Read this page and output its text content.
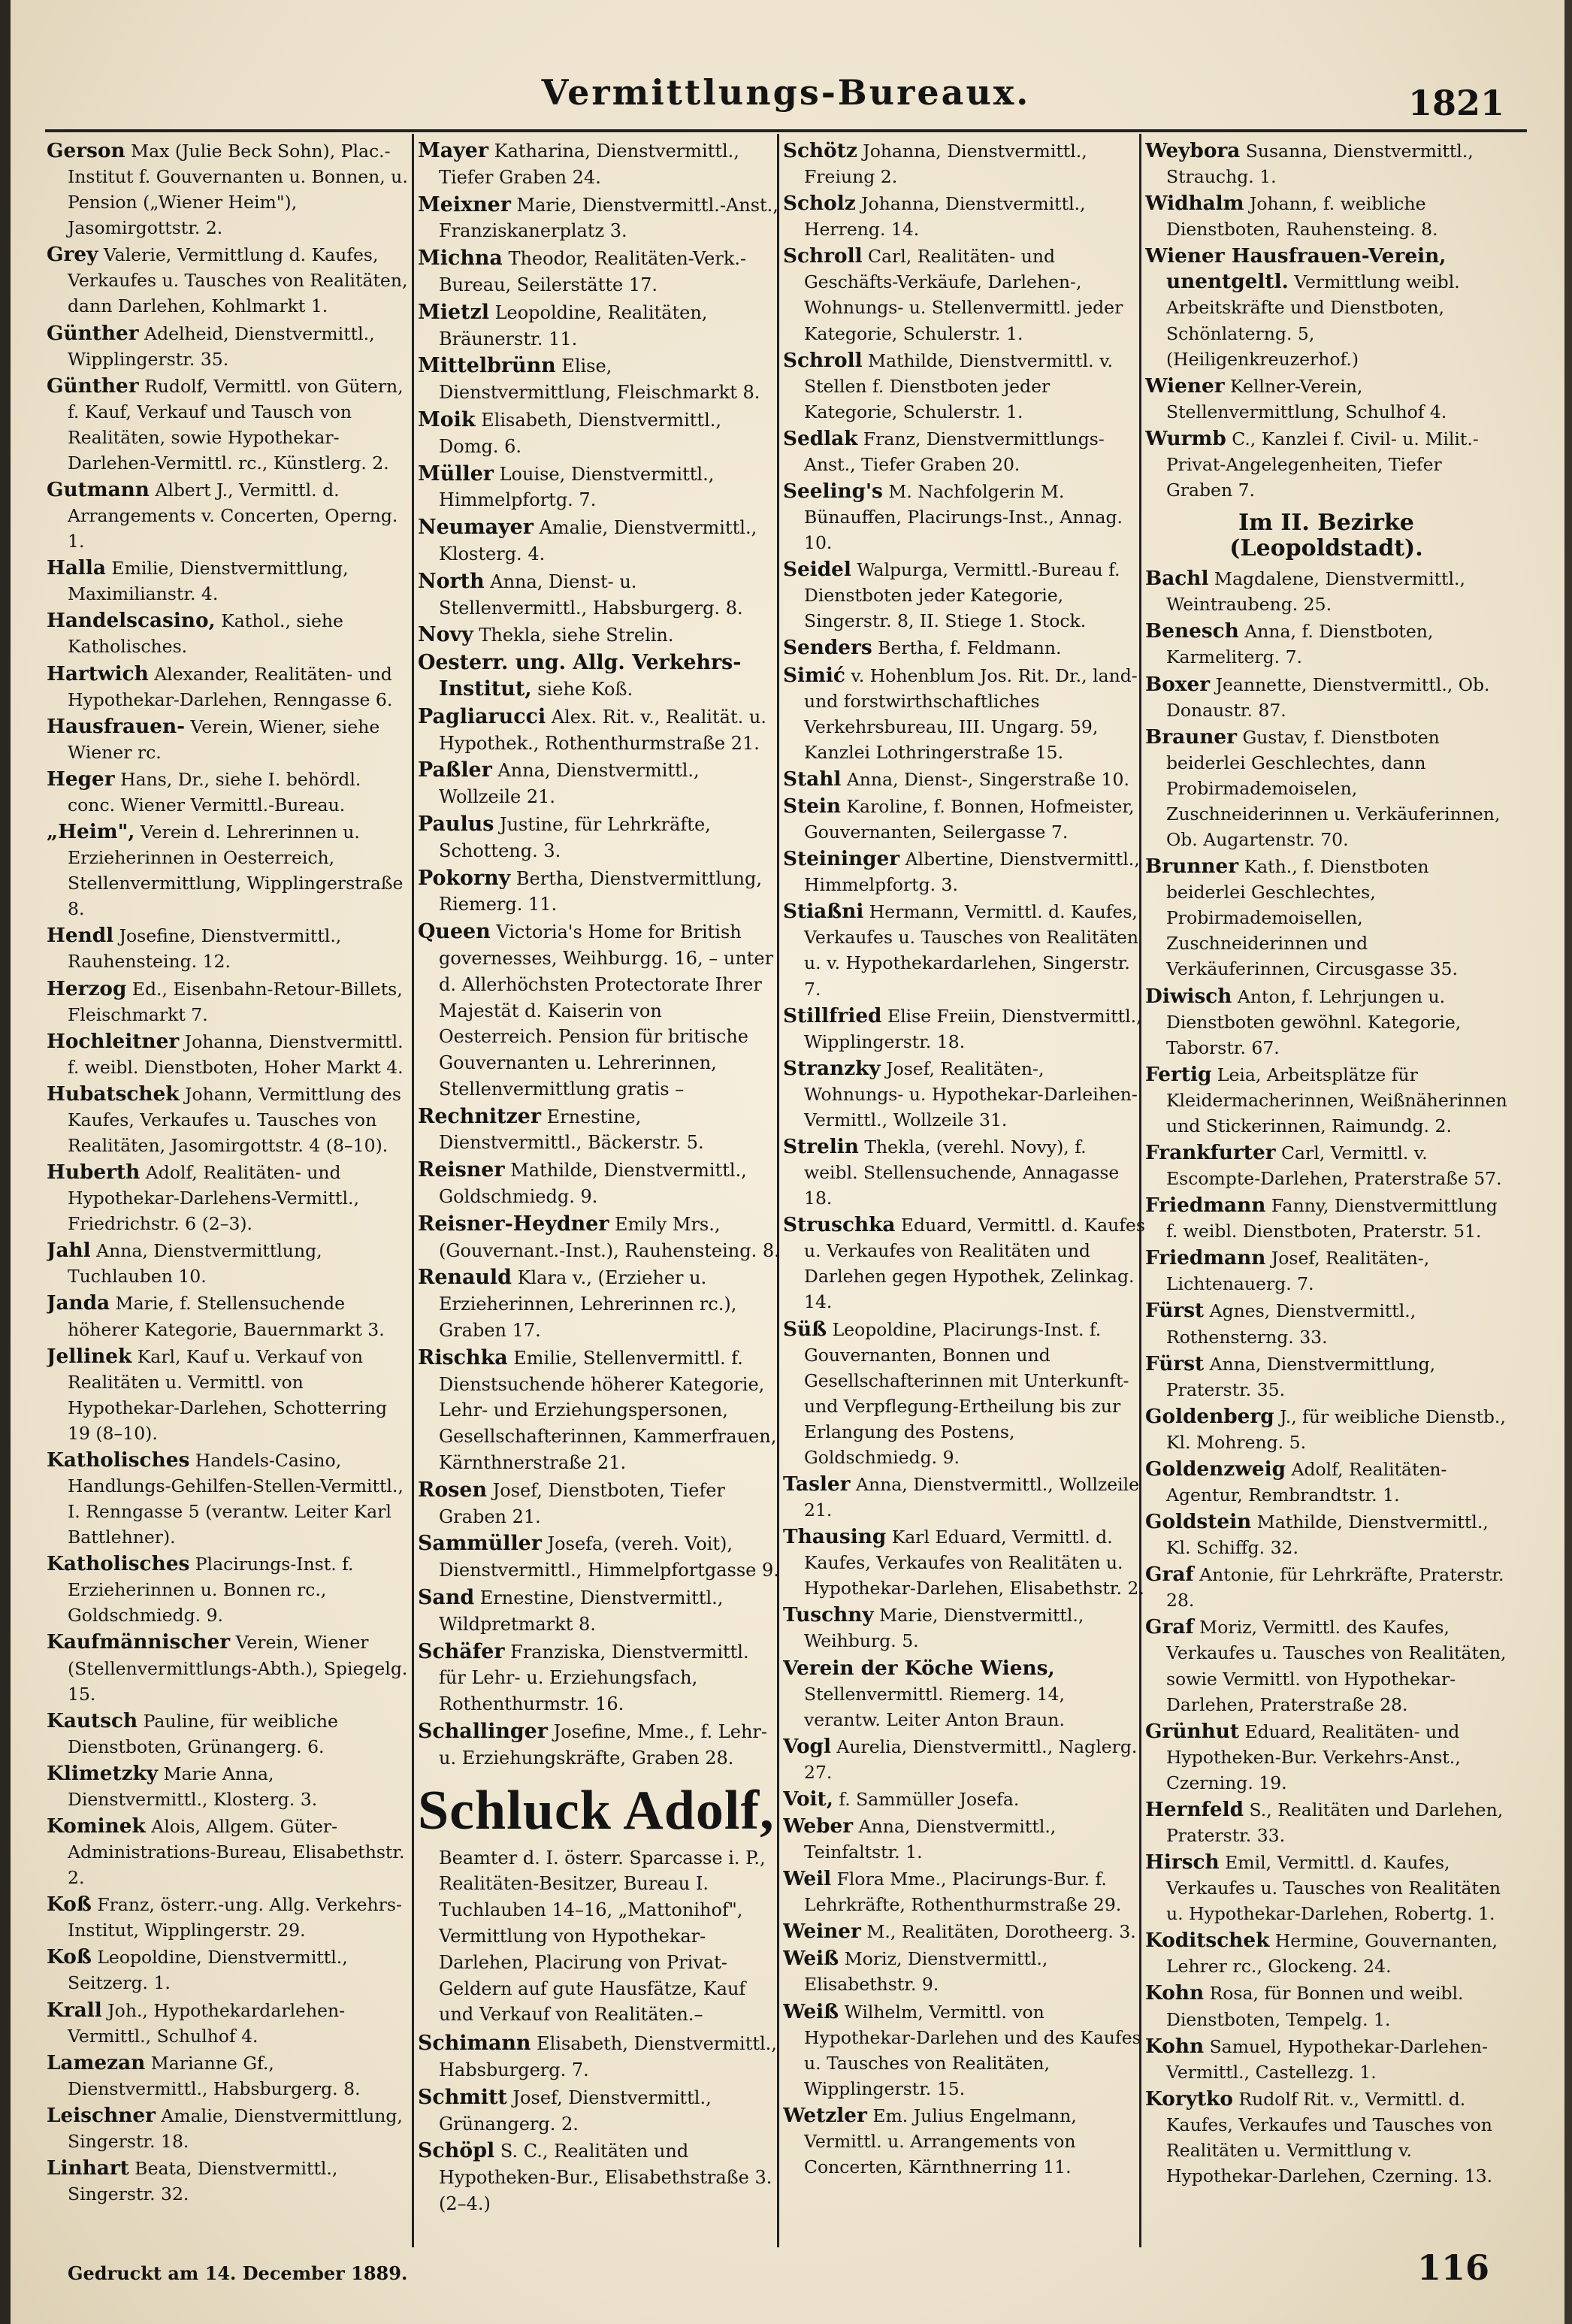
Vermittlungs-Bureaux.	1821

Gerson Max (Julie Beck Sohn), Plac.-Institut f. Gouvernanten u. Bonnen, u. Pension („Wiener Heim"), Jasomirgottstr. 2.

Grey Valerie, Vermittlung d. Kaufes, Verkaufes u. Tausches von Realitäten, dann Darlehen, Kohlmarkt 1.

Günther Adelheid, Dienstvermittl., Wipplingerstr. 35.

Günther Rudolf, Vermittl. von Gütern, f. Kauf, Verkauf und Tausch von Realitäten, sowie Hypothekar-Darlehen-Vermittl. rc., Künstlerg. 2.

Gutmann Albert J., Vermittl. d. Arrangements v. Concerten, Operng. 1.

Halla Emilie, Dienstvermittlung, Maximilianstr. 4.

Handelscasino, Kathol., siehe Katholisches.

Hartwich Alexander, Realitäten- und Hypothekar-Darlehen, Renngasse 6.

Hausfrauen- Verein, Wiener, siehe Wiener rc.

Heger Hans, Dr., siehe I. behördl. conc. Wiener Vermittl.-Bureau.

„Heim", Verein d. Lehrerinnen u. Erzieherinnen in Oesterreich, Stellenvermittlung, Wipplingerstraße 8.

Hendl Josefine, Dienstvermittl., Rauhensteing. 12.

Herzog Ed., Eisenbahn-Retour-Billets, Fleischmarkt 7.

Hochleitner Johanna, Dienstvermittl. f. weibl. Dienstboten, Hoher Markt 4.

Hubatschek Johann, Vermittlung des Kaufes, Verkaufes u. Tausches von Realitäten, Jasomirgottstr. 4 (8–10).

Huberth Adolf, Realitäten- und Hypothekar-Darlehens-Vermittl., Friedrichstr. 6 (2–3).

Jahl Anna, Dienstvermittlung, Tuchlauben 10.

Janda Marie, f. Stellensuchende höherer Kategorie, Bauernmarkt 3.

Jellinek Karl, Kauf u. Verkauf von Realitäten u. Vermittl. von Hypothekar-Darlehen, Schotterring 19 (8–10).

Katholisches Handels-Casino, Handlungs-Gehilfen-Stellen-Vermittl., I. Renngasse 5 (verantw. Leiter Karl Battlehner).

Katholisches Placirungs-Inst. f. Erzieherinnen u. Bonnen rc., Goldschmiedg. 9.

Kaufmännischer Verein, Wiener (Stellenvermittlungs-Abth.), Spiegelg. 15.

Kautsch Pauline, für weibliche Dienstboten, Grünangerg. 6.

Klimetzky Marie Anna, Dienstvermittl., Klosterg. 3.

Kominek Alois, Allgem. Güter-Administrations-Bureau, Elisabethstr. 2.

Koß Franz, österr.-ung. Allg. Verkehrs-Institut, Wipplingerstr. 29.

Koß Leopoldine, Dienstvermittl., Seitzerg. 1.

Krall Joh., Hypothekardarlehen-Vermittl., Schulhof 4.

Lamezan Marianne Gf., Dienstvermittl., Habsburgerg. 8.

Leischner Amalie, Dienstvermittlung, Singerstr. 18.

Linhart Beata, Dienstvermittl., Singerstr. 32.

Mayer Katharina, Dienstvermittl., Tiefer Graben 24.

Meixner Marie, Dienstvermittl.-Anst., Franziskanerplatz 3.

Michna Theodor, Realitäten-Verk.-Bureau, Seilerstätte 17.

Mietzl Leopoldine, Realitäten, Bräunerstr. 11.

Mittelbrünn Elise, Dienstvermittlung, Fleischmarkt 8.

Moik Elisabeth, Dienstvermittl., Domg. 6.

Müller Louise, Dienstvermittl., Himmelpfortg. 7.

Neumayer Amalie, Dienstvermittl., Klosterg. 4.

North Anna, Dienst- u. Stellenvermittl., Habsburgerg. 8.

Novy Thekla, siehe Strelin.

Oesterr. ung. Allg. Verkehrs-Institut, siehe Koß.

Pagliarucci Alex. Rit. v., Realität. u. Hypothek., Rothenthurmstraße 21.

Paßler Anna, Dienstvermittl., Wollzeile 21.

Paulus Justine, für Lehrkräfte, Schotteng. 3.

Pokorny Bertha, Dienstvermittlung, Riemerg. 11.

Queen Victoria's Home for British governesses, Weihburgg. 16, – unter d. Allerhöchsten Protectorate Ihrer Majestät d. Kaiserin von Oesterreich. Pension für britische Gouvernanten u. Lehrerinnen, Stellenvermittlung gratis –

Rechnitzer Ernestine, Dienstvermittl., Bäckerstr. 5.

Reisner Mathilde, Dienstvermittl., Goldschmiedg. 9.

Reisner-Heydner Emily Mrs., (Gouvernant.-Inst.), Rauhensteing. 8.

Renauld Klara v., (Erzieher u. Erzieherinnen, Lehrerinnen rc.), Graben 17.

Rischka Emilie, Stellenvermittl. f. Dienstsuchende höherer Kategorie, Lehr- und Erziehungspersonen, Gesellschafterinnen, Kammerfrauen, Kärnthnerstraße 21.

Rosen Josef, Dienstboten, Tiefer Graben 21.

Sammüller Josefa, (vereh. Voit), Dienstvermittl., Himmelpfortgasse 9.

Sand Ernestine, Dienstvermittl., Wildpretmarkt 8.

Schäfer Franziska, Dienstvermittl. für Lehr- u. Erziehungsfach, Rothenthurmstr. 16.

Schallinger Josefine, Mme., f. Lehr- u. Erziehungskräfte, Graben 28.

Schluck Adolf,
Beamter d. I. österr. Sparcasse i. P., Realitäten-Besitzer, Bureau I. Tuchlauben 14–16, „Mattonihof", Vermittlung von Hypothekar-Darlehen, Placirung von Privat-Geldern auf gute Hausfätze, Kauf und Verkauf von Realitäten.–

Schimann Elisabeth, Dienstvermittl., Habsburgerg. 7.

Schmitt Josef, Dienstvermittl., Grünangerg. 2.

Schöpl S. C., Realitäten und Hypotheken-Bur., Elisabethstraße 3. (2–4.)

Schötz Johanna, Dienstvermittl., Freiung 2.

Scholz Johanna, Dienstvermittl., Herreng. 14.

Schroll Carl, Realitäten- und Geschäfts-Verkäufe, Darlehen-, Wohnungs- u. Stellenvermittl. jeder Kategorie, Schulerstr. 1.

Schroll Mathilde, Dienstvermittl. v. Stellen f. Dienstboten jeder Kategorie, Schulerstr. 1.

Sedlak Franz, Dienstvermittlungs-Anst., Tiefer Graben 20.

Seeling's M. Nachfolgerin M. Bünauffen, Placirungs-Inst., Annag. 10.

Seidel Walpurga, Vermittl.-Bureau f. Dienstboten jeder Kategorie, Singerstr. 8, II. Stiege 1. Stock.

Senders Bertha, f. Feldmann.

Simić v. Hohenblum Jos. Rit. Dr., land- und forstwirthschaftliches Verkehrsbureau, III. Ungarg. 59, Kanzlei Lothringerstraße 15.

Stahl Anna, Dienst-, Singerstraße 10.

Stein Karoline, f. Bonnen, Hofmeister, Gouvernanten, Seilergasse 7.

Steininger Albertine, Dienstvermittl., Himmelpfortg. 3.

Stiaßni Hermann, Vermittl. d. Kaufes, Verkaufes u. Tausches von Realitäten u. v. Hypothekardarlehen, Singerstr. 7.

Stillfried Elise Freiin, Dienstvermittl., Wipplingerstr. 18.

Stranzky Josef, Realitäten-, Wohnungs- u. Hypothekar-Darleihen-Vermittl., Wollzeile 31.

Strelin Thekla, (verehl. Novy), f. weibl. Stellensuchende, Annagasse 18.

Struschka Eduard, Vermittl. d. Kaufes u. Verkaufes von Realitäten und Darlehen gegen Hypothek, Zelinkag. 14.

Süß Leopoldine, Placirungs-Inst. f. Gouvernanten, Bonnen und Gesellschafterinnen mit Unterkunft- und Verpflegung-Ertheilung bis zur Erlangung des Postens, Goldschmiedg. 9.

Tasler Anna, Dienstvermittl., Wollzeile 21.

Thausing Karl Eduard, Vermittl. d. Kaufes, Verkaufes von Realitäten u. Hypothekar-Darlehen, Elisabethstr. 2.

Tuschny Marie, Dienstvermittl., Weihburg. 5.

Verein der Köche Wiens, Stellenvermittl. Riemerg. 14, verantw. Leiter Anton Braun.

Vogl Aurelia, Dienstvermittl., Naglerg. 27.

Voit, f. Sammüller Josefa.

Weber Anna, Dienstvermittl., Teinfaltstr. 1.

Weil Flora Mme., Placirungs-Bur. f. Lehrkräfte, Rothenthurmstraße 29.

Weiner M., Realitäten, Dorotheerg. 3.

Weiß Moriz, Dienstvermittl., Elisabethstr. 9.

Weiß Wilhelm, Vermittl. von Hypothekar-Darlehen und des Kaufes u. Tausches von Realitäten, Wipplingerstr. 15.

Wetzler Em. Julius Engelmann, Vermittl. u. Arrangements von Concerten, Kärnthnerring 11.

Weybora Susanna, Dienstvermittl., Strauchg. 1.

Widhalm Johann, f. weibliche Dienstboten, Rauhensteing. 8.

Wiener Hausfrauen-Verein, unentgeltl. Vermittlung weibl. Arbeitskräfte und Dienstboten, Schönlaterng. 5, (Heiligenkreuzerhof.)

Wiener Kellner-Verein, Stellenvermittlung, Schulhof 4.

Wurmb C., Kanzlei f. Civil- u. Milit.-Privat-Angelegenheiten, Tiefer Graben 7.

Im II. Bezirke (Leopoldstadt).

Bachl Magdalene, Dienstvermittl., Weintraubeng. 25.

Benesch Anna, f. Dienstboten, Karmeliterg. 7.

Boxer Jeannette, Dienstvermittl., Ob. Donaustr. 87.

Brauner Gustav, f. Dienstboten beiderlei Geschlechtes, dann Probirmademoiselen, Zuschneiderinnen u. Verkäuferinnen, Ob. Augartenstr. 70.

Brunner Kath., f. Dienstboten beiderlei Geschlechtes, Probirmademoisellen, Zuschneiderinnen und Verkäuferinnen, Circusgasse 35.

Diwisch Anton, f. Lehrjungen u. Dienstboten gewöhnl. Kategorie, Taborstr. 67.

Fertig Leia, Arbeitsplätze für Kleidermacherinnen, Weißnäherinnen und Stickerinnen, Raimundg. 2.

Frankfurter Carl, Vermittl. v. Escompte-Darlehen, Praterstraße 57.

Friedmann Fanny, Dienstvermittlung f. weibl. Dienstboten, Praterstr. 51.

Friedmann Josef, Realitäten-, Lichtenauerg. 7.

Fürst Agnes, Dienstvermittl., Rothensterng. 33.

Fürst Anna, Dienstvermittlung, Praterstr. 35.

Goldenberg J., für weibliche Dienstb., Kl. Mohreng. 5.

Goldenzweig Adolf, Realitäten-Agentur, Rembrandtstr. 1.

Goldstein Mathilde, Dienstvermittl., Kl. Schiffg. 32.

Graf Antonie, für Lehrkräfte, Praterstr. 28.

Graf Moriz, Vermittl. des Kaufes, Verkaufes u. Tausches von Realitäten, sowie Vermittl. von Hypothekar-Darlehen, Praterstraße 28.

Grünhut Eduard, Realitäten- und Hypotheken-Bur. Verkehrs-Anst., Czerning. 19.

Hernfeld S., Realitäten und Darlehen, Praterstr. 33.

Hirsch Emil, Vermittl. d. Kaufes, Verkaufes u. Tausches von Realitäten u. Hypothekar-Darlehen, Robertg. 1.

Koditschek Hermine, Gouvernanten, Lehrer rc., Glockeng. 24.

Kohn Rosa, für Bonnen und weibl. Dienstboten, Tempelg. 1.

Kohn Samuel, Hypothekar-Darlehen-Vermittl., Castellezg. 1.

Korytko Rudolf Rit. v., Vermittl. d. Kaufes, Verkaufes und Tausches von Realitäten u. Vermittlung v. Hypothekar-Darlehen, Czerning. 13.

Gedruckt am 14. December 1889.	116
